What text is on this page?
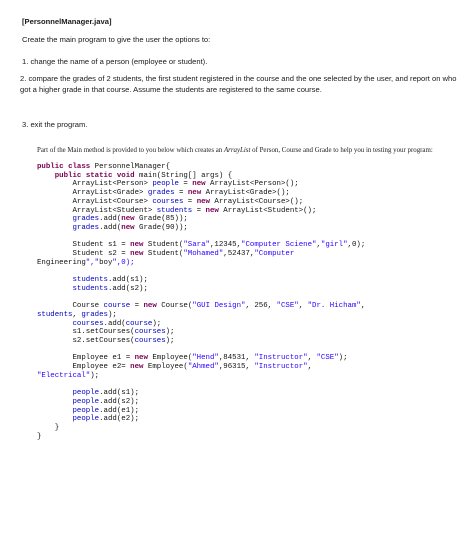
[PersonnelManager.java]

Create the main program to give the user the options to:

1. change the name of a person (employee or student).

2. compare the grades of 2 students, the first student registered in the course and the one selected by the user, and report on who got a higher grade in that course. Assume the students are registered to the same course.

3. exit the program.

Part of the Main method is provided to you below which creates an ArrayList of Person, Course and Grade to help you in testing your program:

public class PersonnelManager{
public static void main(String[] args) {
ArrayList<Person> people = new ArrayList<Person>();
ArrayList<Grade> grades = new ArrayList<Grade>();
ArrayList<Course> courses = new ArrayList<Course>();
ArrayList<Student> students = new ArrayList<Student>();
grades.add(new Grade(85));
grades.add(new Grade(90));

Student s1 = new Student("Sara",12345,"Computer Sciene","girl",0);
Student s2 = new Student("Mohamed",52437,"Computer
Engineering","boy",0);

students.add(s1);
students.add(s2);

Course course = new Course("GUI Design", 256, "CSE", "Dr. Hicham",
students, grades);
courses.add(course);
s1.setCourses(courses);
s2.setCourses(courses);

Employee e1 = new Employee("Hend",84531, "Instructor", "CSE");
Employee e2= new Employee("Ahmed",96315, "Instructor",
"Electrical");

people.add(s1);
people.add(s2);
people.add(e1);
people.add(e2);
}
}
